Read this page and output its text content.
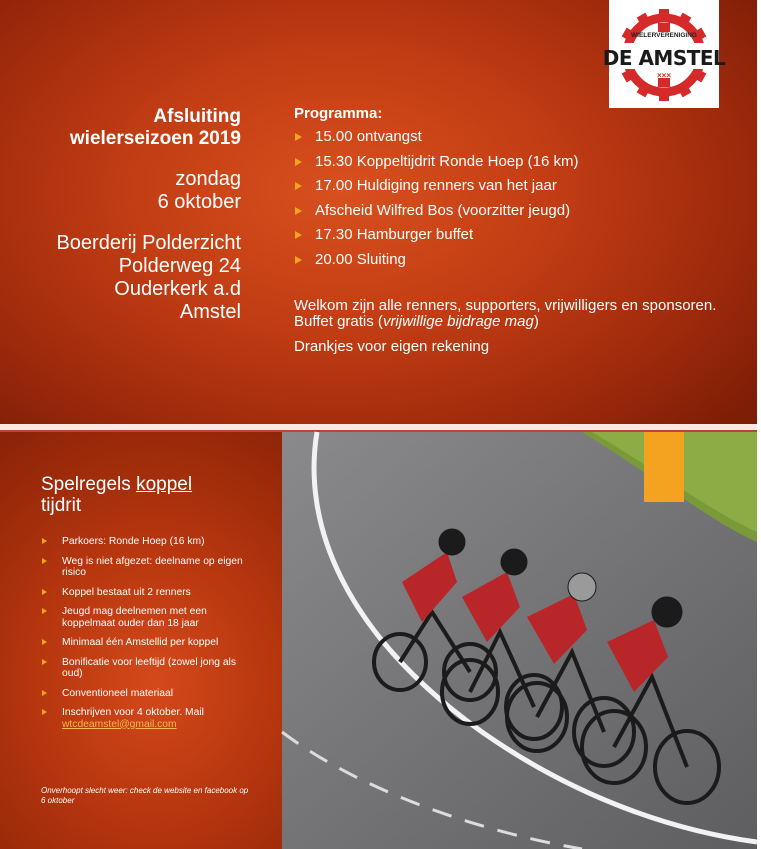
WIELERVERENIGING
DE AMSTEL
×××
Afsluiting
wielerseizoen 2019
zondag
6 oktober
Boerderij Polderzicht
Polderweg 24
Ouderkerk a.d
Amstel
Programma:
15.00 ontvangst
15.30 Koppeltijdrit Ronde Hoep (16 km)
17.00 Huldiging renners van het jaar
Afscheid Wilfred Bos (voorzitter jeugd)
17.30 Hamburger buffet
20.00 Sluiting
Welkom zijn alle renners, supporters, vrijwilligers en sponsoren.
Buffet gratis (vrijwillige bijdrage mag)
Drankjes voor eigen rekening
Spelregels koppel
tijdrit
Parkoers: Ronde Hoep (16 km)
Weg is niet afgezet: deelname op eigen risico
Koppel bestaat uit 2 renners
Jeugd mag deelnemen met een koppelmaat ouder dan 18 jaar
Minimaal één Amstellid per koppel
Bonificatie voor leeftijd (zowel jong als oud)
Conventioneel materiaal
Inschrijven voor 4 oktober. Mail wtcdeamstel@gmail.com
Onverhoopt slecht weer: check de website en facebook op 6 oktober
